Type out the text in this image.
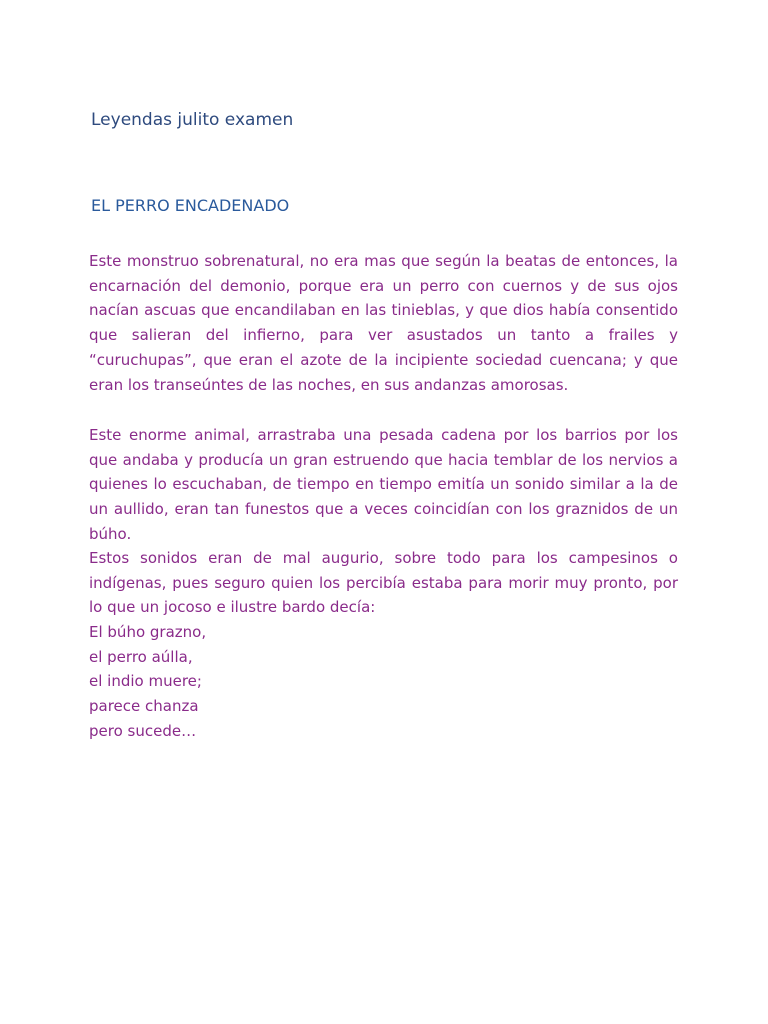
Leyendas julito examen
EL PERRO ENCADENADO

Este monstruo sobrenatural, no era mas que según la beatas de entonces, la encarnación del demonio, porque era un perro con cuernos y de sus ojos nacían ascuas que encandilaban en las tinieblas, y que dios había consentido que salieran del infierno, para ver asustados un tanto a frailes y “curuchupas”, que eran el azote de la incipiente sociedad cuencana; y que eran los transeúntes de las noches, en sus andanzas amorosas.

Este enorme animal, arrastraba una pesada cadena por los barrios por los que andaba y producía un gran estruendo que hacia temblar de los nervios a quienes lo escuchaban, de tiempo en tiempo emitía un sonido similar a la de un aullido, eran tan funestos que a veces coincidían con los graznidos de un búho.

Estos sonidos eran de mal augurio, sobre todo para los campesinos o indígenas, pues seguro quien los percibía estaba para morir muy pronto, por lo que un jocoso e ilustre bardo decía:

El búho grazno,
el perro aúlla,
el indio muere;
parece chanza
pero sucede…
